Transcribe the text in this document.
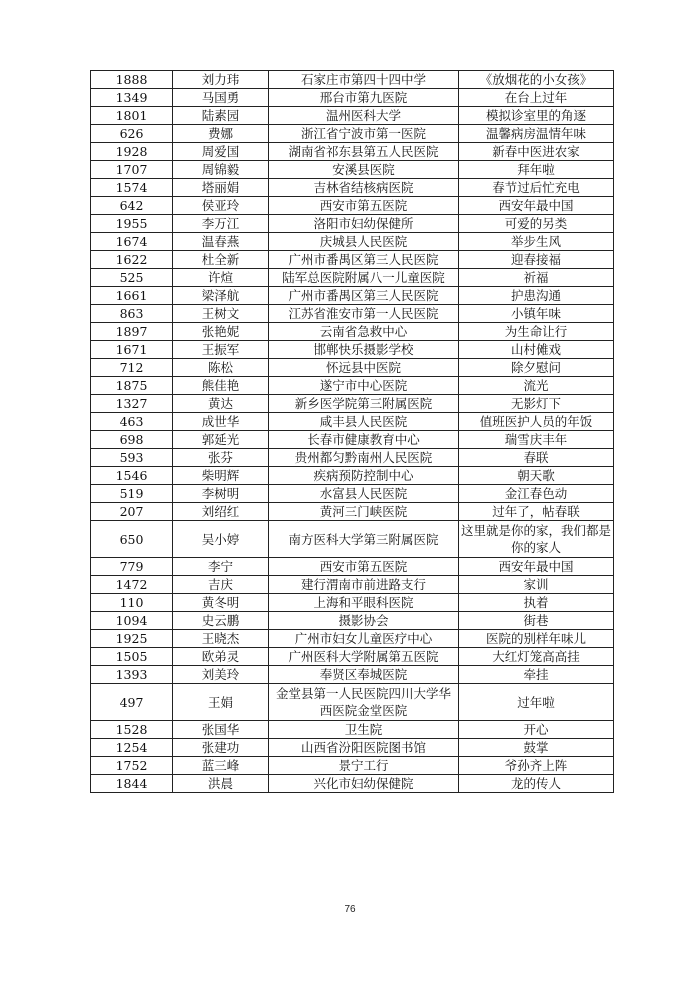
1888	刘力玮	石家庄市第四十四中学	《放烟花的小女孩》
1349	马国勇	邢台市第九医院	在台上过年
1801	陆素园	温州医科大学	模拟诊室里的角逐
626	费娜	浙江省宁波市第一医院	温馨病房温情年味
1928	周爱国	湖南省祁东县第五人民医院	新春中医进农家
1707	周锦毅	安溪县医院	拜年啦
1574	塔丽娟	吉林省结核病医院	春节过后忙充电
642	侯亚玲	西安市第五医院	西安年最中国
1955	李万江	洛阳市妇幼保健所	可爱的另类
1674	温春燕	庆城县人民医院	举步生风
1622	杜全新	广州市番禺区第三人民医院	迎春接福
525	许煊	陆军总医院附属八一儿童医院	祈福
1661	梁泽航	广州市番禺区第三人民医院	护患沟通
863	王树文	江苏省淮安市第一人民医院	小镇年味
1897	张艳妮	云南省急救中心	为生命让行
1671	王振军	邯郸快乐摄影学校	山村傩戏
712	陈松	怀远县中医院	除夕慰问
1875	熊佳艳	遂宁市中心医院	流光
1327	黄达	新乡医学院第三附属医院	无影灯下
463	成世华	咸丰县人民医院	值班医护人员的年饭
698	郭延光	长春市健康教育中心	瑞雪庆丰年
593	张芬	贵州都匀黔南州人民医院	春联
1546	柴明辉	疾病预防控制中心	朝天歌
519	李树明	水富县人民医院	金江春色动
207	刘绍红	黄河三门峡医院	过年了，帖春联
650	吴小婷	南方医科大学第三附属医院	这里就是你的家，我们都是你的家人
779	李宁	西安市第五医院	西安年最中国
1472	吉庆	建行渭南市前进路支行	家训
110	黄冬明	上海和平眼科医院	执着
1094	史云鹏	摄影协会	街巷
1925	王晓杰	广州市妇女儿童医疗中心	医院的别样年味儿
1505	欧弟灵	广州医科大学附属第五医院	大红灯笼高高挂
1393	刘美玲	奉贤区奉城医院	牵挂
497	王娟	金堂县第一人民医院四川大学华西医院金堂医院	过年啦
1528	张国华	卫生院	开心
1254	张建功	山西省汾阳医院图书馆	鼓掌
1752	蓝三峰	景宁工行	爷孙齐上阵
1844	洪晨	兴化市妇幼保健院	龙的传人
76
